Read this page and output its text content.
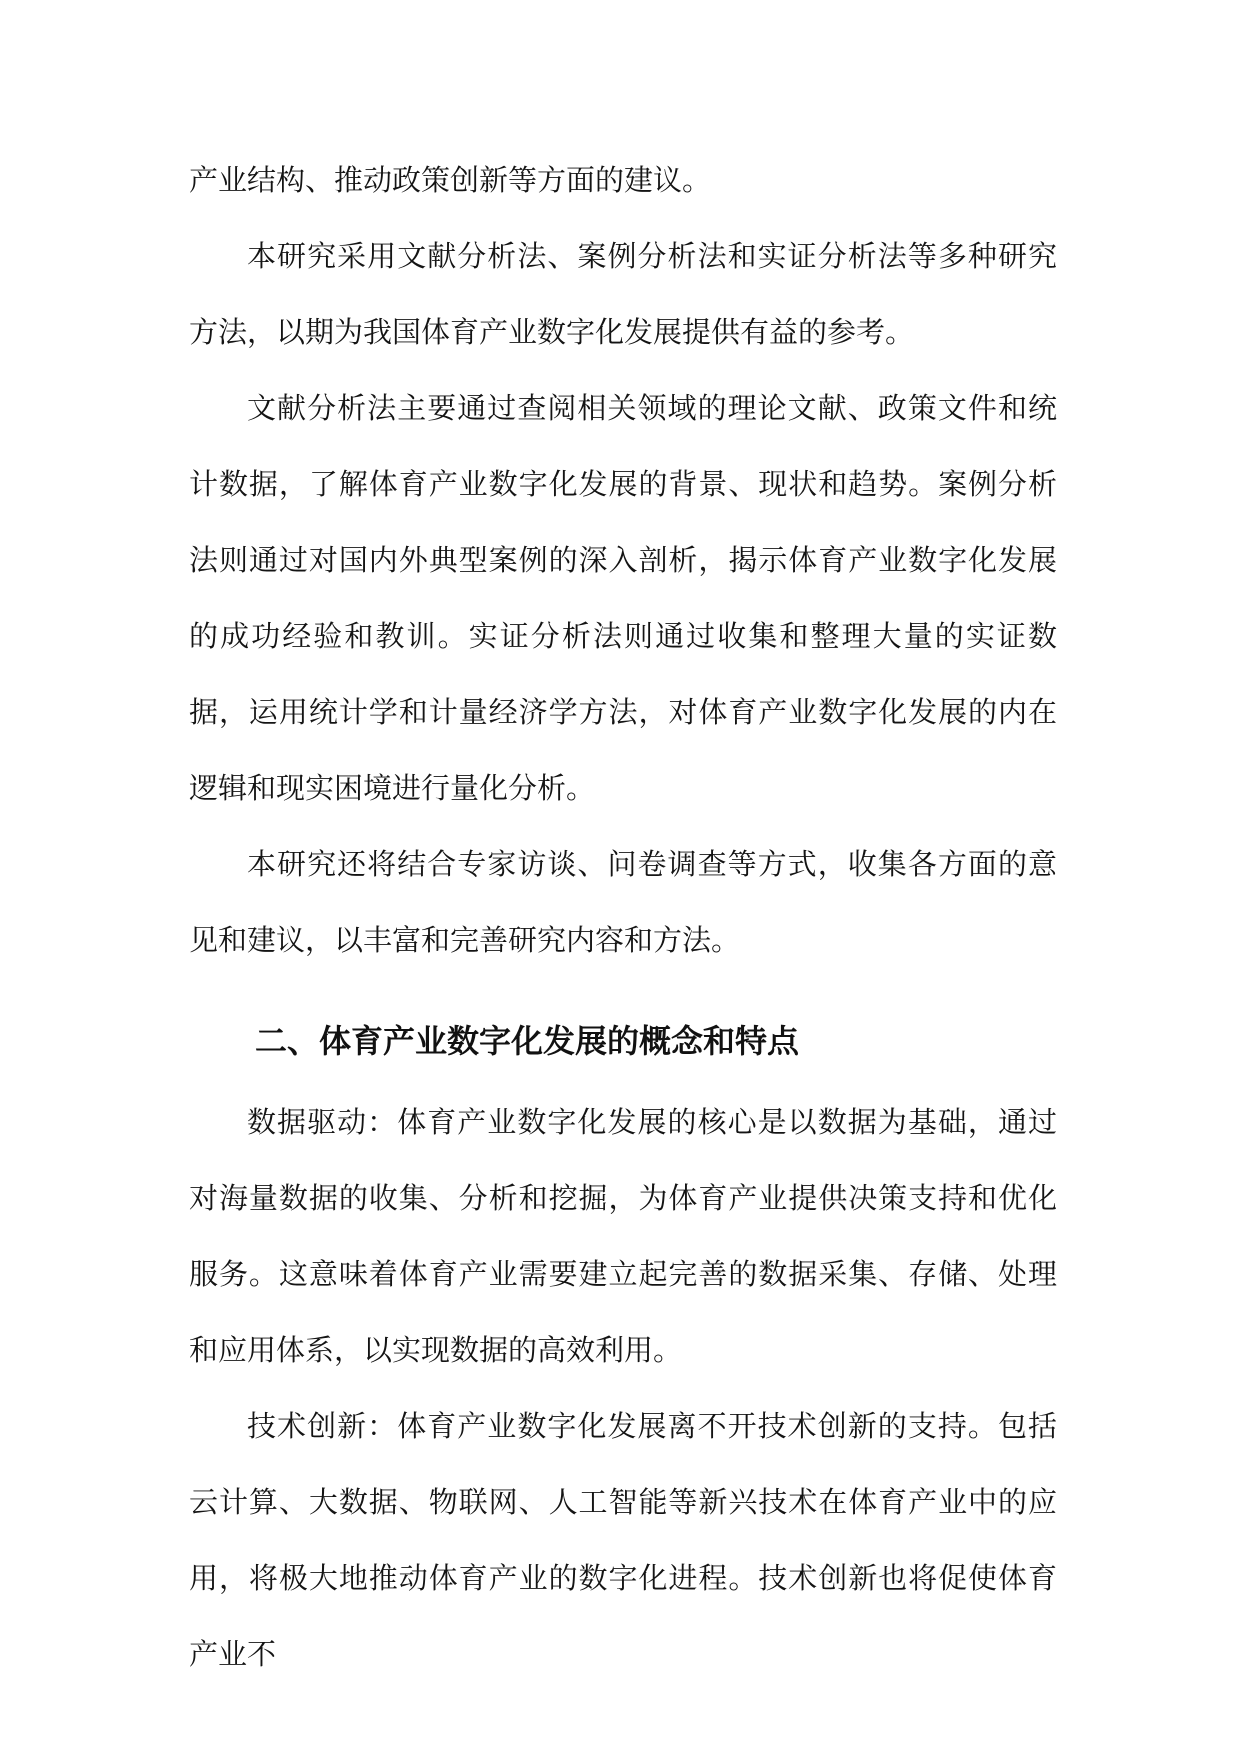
产业结构、推动政策创新等方面的建议。

本研究采用文献分析法、案例分析法和实证分析法等多种研究方法，以期为我国体育产业数字化发展提供有益的参考。

文献分析法主要通过查阅相关领域的理论文献、政策文件和统计数据，了解体育产业数字化发展的背景、现状和趋势。案例分析法则通过对国内外典型案例的深入剖析，揭示体育产业数字化发展的成功经验和教训。实证分析法则通过收集和整理大量的实证数据，运用统计学和计量经济学方法，对体育产业数字化发展的内在逻辑和现实困境进行量化分析。

本研究还将结合专家访谈、问卷调查等方式，收集各方面的意见和建议，以丰富和完善研究内容和方法。

二、体育产业数字化发展的概念和特点

数据驱动：体育产业数字化发展的核心是以数据为基础，通过对海量数据的收集、分析和挖掘，为体育产业提供决策支持和优化服务。这意味着体育产业需要建立起完善的数据采集、存储、处理和应用体系，以实现数据的高效利用。

技术创新：体育产业数字化发展离不开技术创新的支持。包括云计算、大数据、物联网、人工智能等新兴技术在体育产业中的应用，将极大地推动体育产业的数字化进程。技术创新也将促使体育产业不
